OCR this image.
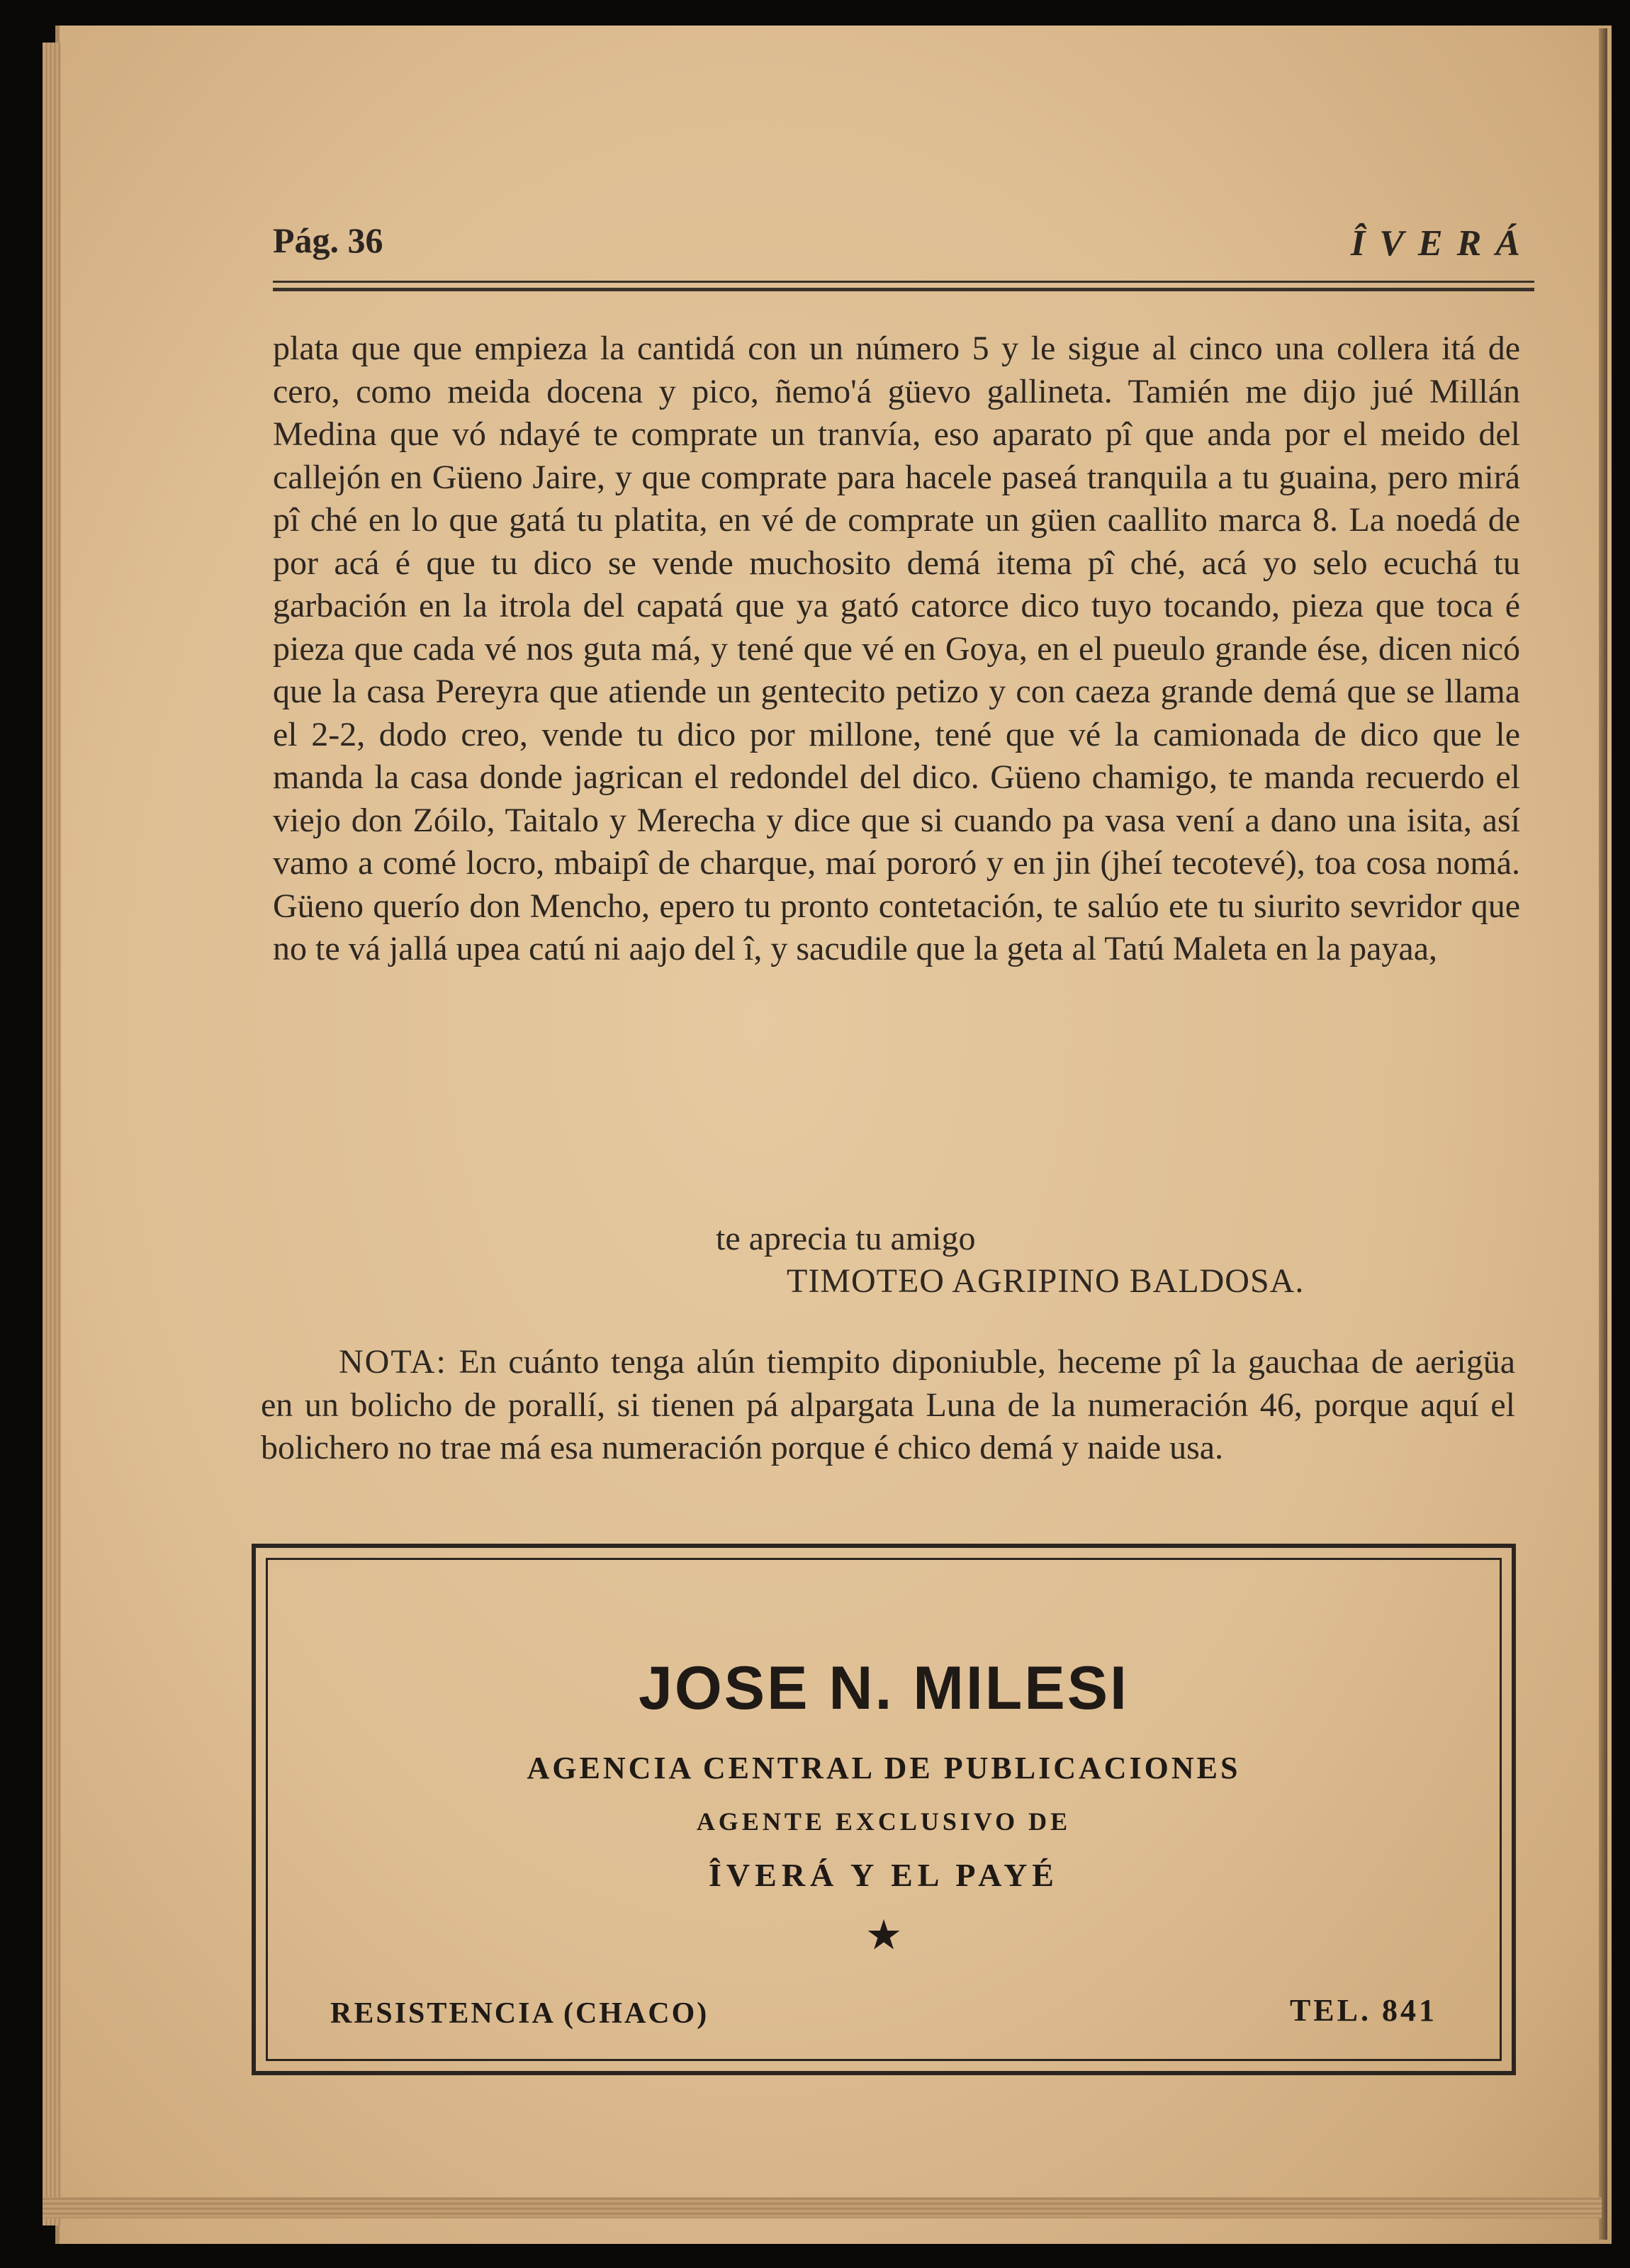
Pág. 36	ÎVERÁ

plata que que empieza la cantidá con un número 5 y le sigue al cinco una collera itá de cero, como meida docena y pico, ñemo'á güevo gallineta. Tamién me dijo jué Millán Medina que vó ndayé te comprate un tranvía, eso aparato pî que anda por el meido del callejón en Güeno Jaire, y que comprate para hacele paseá tranquila a tu guaina, pero mirá pî ché en lo que gatá tu platita, en vé de comprate un güen caallito marca 8. La noedá de por acá é que tu dico se vende muchosito demá itema pî ché, acá yo selo ecuchá tu garbación en la itrola del capatá que ya gató catorce dico tuyo tocando, pieza que toca é pieza que cada vé nos guta má, y tené que vé en Goya, en el pueulo grande ése, dicen nicó que la casa Pereyra que atiende un gentecito petizo y con caeza grande demá que se llama el 2-2, dodo creo, vende tu dico por millone, tené que vé la camionada de dico que le manda la casa donde jagrican el redondel del dico. Güeno chamigo, te manda recuerdo el viejo don Zóilo, Taitalo y Merecha y dice que si cuando pa vasa vení a dano una isita, así vamo a comé locro, mbaipî de charque, maí pororó y en jin (jheí tecotevé), toa cosa nomá. Güeno querío don Mencho, epero tu pronto contetación, te salúo ete tu siurito sevridor que no te vá jallá upea catú ni aajo del î, y sacudile que la geta al Tatú Maleta en la payaa,

te aprecia tu amigo
TIMOTEO AGRIPINO BALDOSA.
NOTA: En cuánto tenga alún tiempito diponiuble, heceme pî la gauchaa de aerigüa en un bolicho de porallí, si tienen pá alpargata Luna de la numeración 46, porque aquí el bolichero no trae má esa numeración porque é chico demá y naide usa.
JOSE N. MILESI
AGENCIA CENTRAL DE PUBLICACIONES
AGENTE EXCLUSIVO DE
ÎVERÁ Y EL PAYÉ
★
RESISTENCIA (CHACO)	TEL. 841
